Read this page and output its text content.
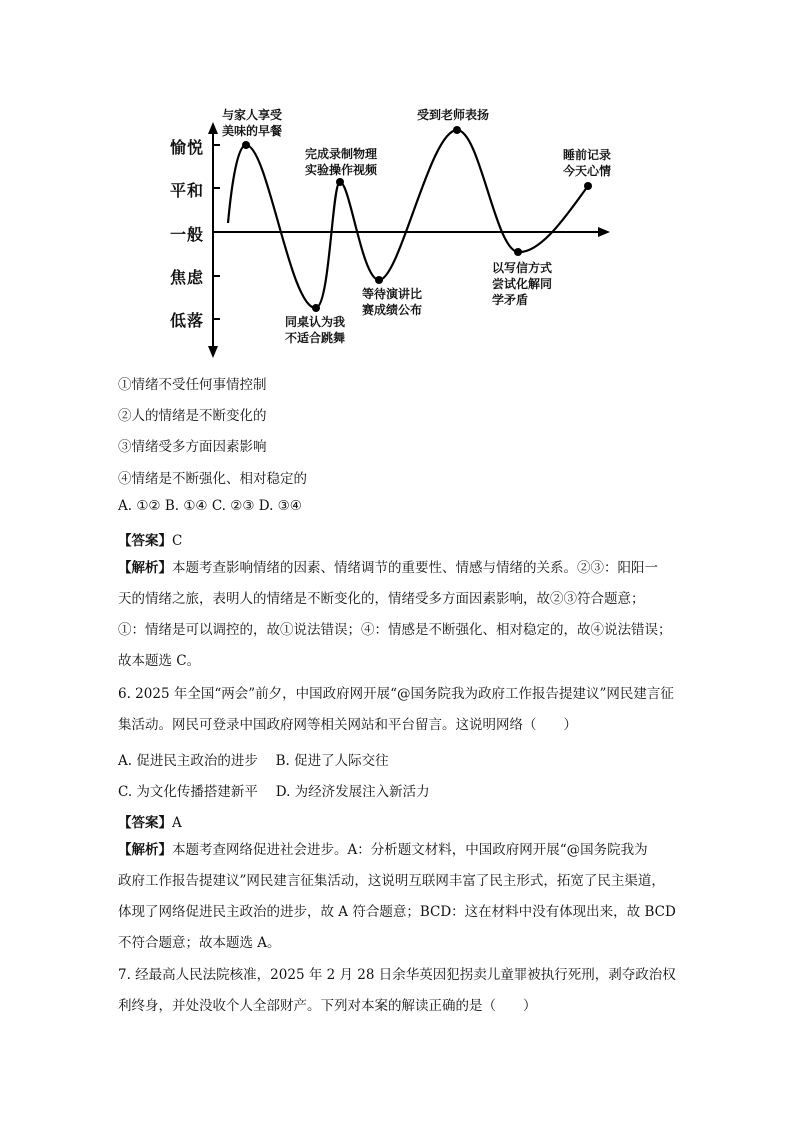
愉悦
平和
一般
焦虑
低落
与家人享受
美味的早餐
同桌认为我
不适合跳舞
完成录制物理
实验操作视频
等待演讲比
赛成绩公布
受到老师表扬
以写信方式
尝试化解同
学矛盾
睡前记录
今天心情
①情绪不受任何事情控制
②人的情绪是不断变化的
③情绪受多方面因素影响
④情绪是不断强化、相对稳定的
A. ①② B. ①④ C. ②③ D. ③④
【答案】C
【解析】本题考查影响情绪的因素、情绪调节的重要性、情感与情绪的关系。②③：阳阳一
天的情绪之旅，表明人的情绪是不断变化的，情绪受多方面因素影响，故②③符合题意；
①：情绪是可以调控的，故①说法错误；④：情感是不断强化、相对稳定的，故④说法错误；
故本题选 C。
6. 2025 年全国“两会”前夕，中国政府网开展“@国务院我为政府工作报告提建议”网民建言征
集活动。网民可登录中国政府网等相关网站和平台留言。这说明网络（　　）
A. 促进民主政治的进步　 B. 促进了人际交往
C. 为文化传播搭建新平　 D. 为经济发展注入新活力
【答案】A
【解析】本题考查网络促进社会进步。A：分析题文材料，中国政府网开展“@国务院我为
政府工作报告提建议”网民建言征集活动，这说明互联网丰富了民主形式，拓宽了民主渠道，
体现了网络促进民主政治的进步，故 A 符合题意；BCD：这在材料中没有体现出来，故 BCD
不符合题意；故本题选 A。
7. 经最高人民法院核准，2025 年 2 月 28 日余华英因犯拐卖儿童罪被执行死刑，剥夺政治权
利终身，并处没收个人全部财产。下列对本案的解读正确的是（　　）
